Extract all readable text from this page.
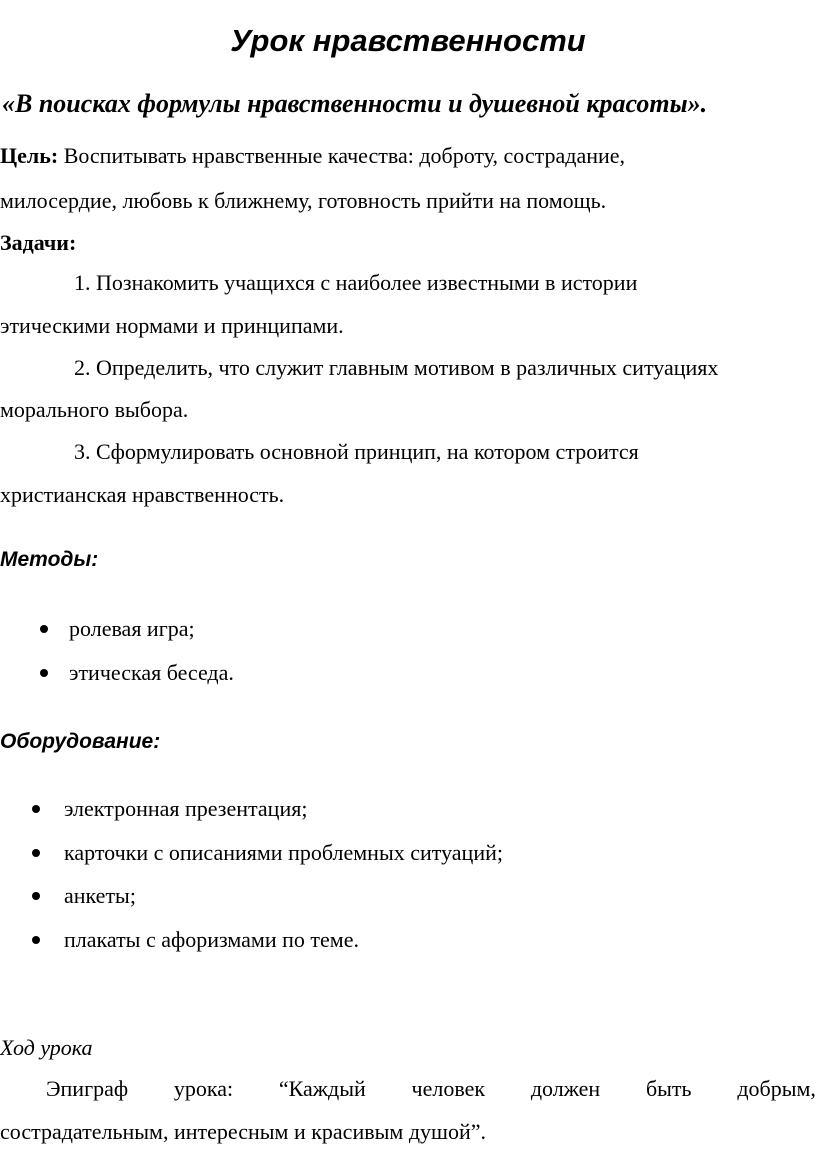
Урок нравственности
«В поисках формулы нравственности и душевной красоты».
Цель: Воспитывать нравственные качества: доброту, сострадание,
милосердие, любовь к ближнему, готовность прийти на помощь.
Задачи:
1. Познакомить учащихся с наиболее известными в истории
этическими нормами и принципами.
2. Определить, что служит главным мотивом в различных ситуациях
морального выбора.
3. Сформулировать основной принцип, на котором строится
христианская нравственность.
Методы:
ролевая игра;
этическая беседа.
Оборудование:
электронная презентация;
карточки с описаниями проблемных ситуаций;
анкеты;
плакаты с афоризмами по теме.
Ход урока
Эпиграф урока: “Каждый человек должен быть добрым,
сострадательным, интересным и красивым душой”.
